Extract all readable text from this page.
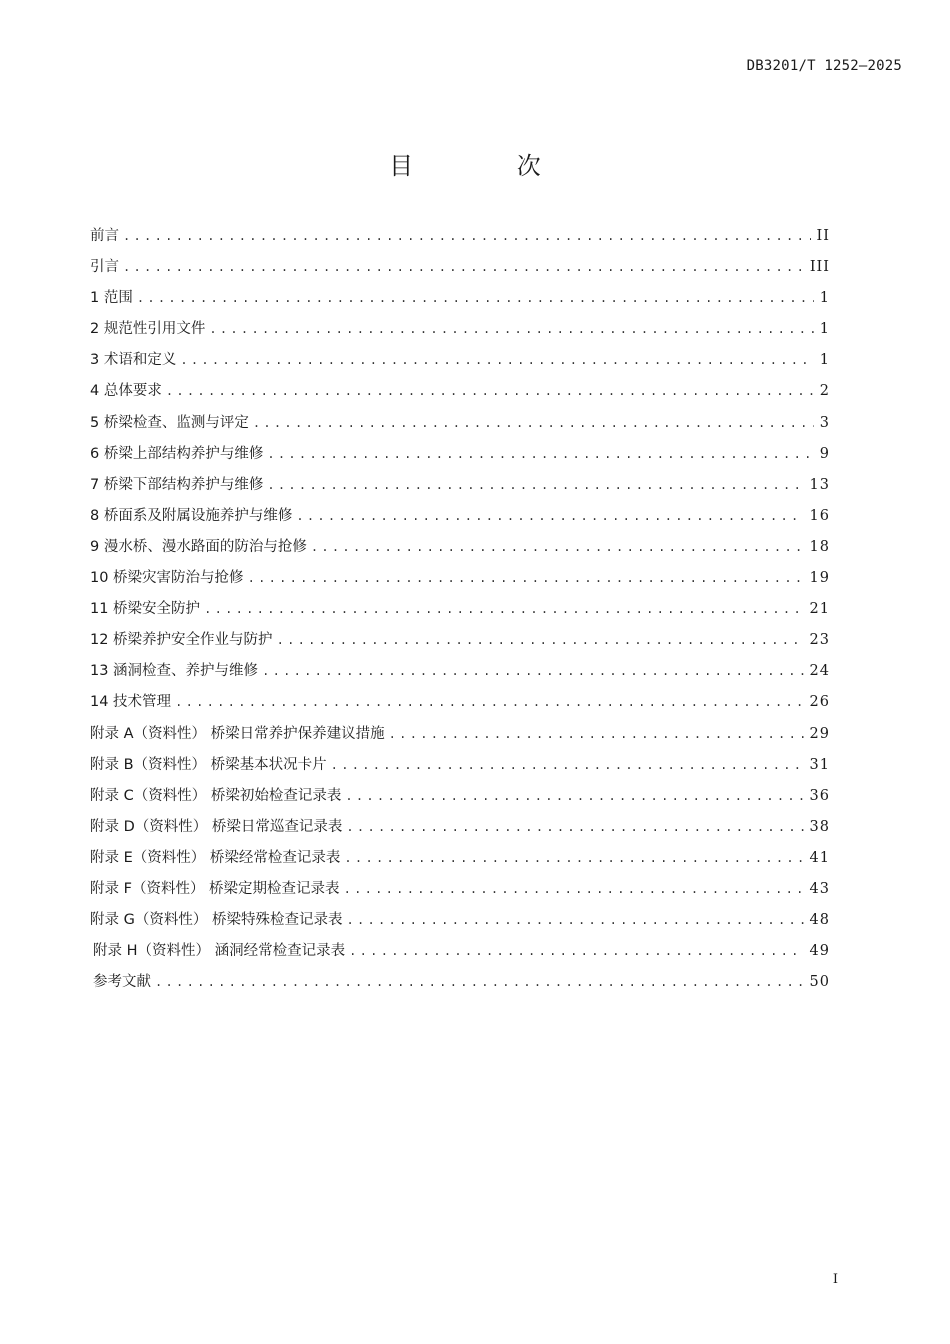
DB3201/T 1252—2025
目 次
前言 .....	II
引言 .....	III
1 范围 .....	1
2 规范性引用文件 .....	1
3 术语和定义 .....	1
4 总体要求 .....	2
5 桥梁检查、监测与评定 .....	3
6 桥梁上部结构养护与维修 .....	9
7 桥梁下部结构养护与维修 .....	13
8 桥面系及附属设施养护与维修 .....	16
9 漫水桥、漫水路面的防治与抢修 .....	18
10 桥梁灾害防治与抢修 .....	19
11 桥梁安全防护 .....	21
12 桥梁养护安全作业与防护 .....	23
13 涵洞检查、养护与维修 .....	24
14 技术管理 .....	26
附录 A（资料性） 桥梁日常养护保养建议措施 .....	29
附录 B（资料性） 桥梁基本状况卡片 .....	31
附录 C（资料性） 桥梁初始检查记录表 .....	36
附录 D（资料性） 桥梁日常巡查记录表 .....	38
附录 E（资料性） 桥梁经常检查记录表 .....	41
附录 F（资料性） 桥梁定期检查记录表 .....	43
附录 G（资料性） 桥梁特殊检查记录表 .....	48
附录 H（资料性） 涵洞经常检查记录表 .....	49
参考文献 .....	50
I
